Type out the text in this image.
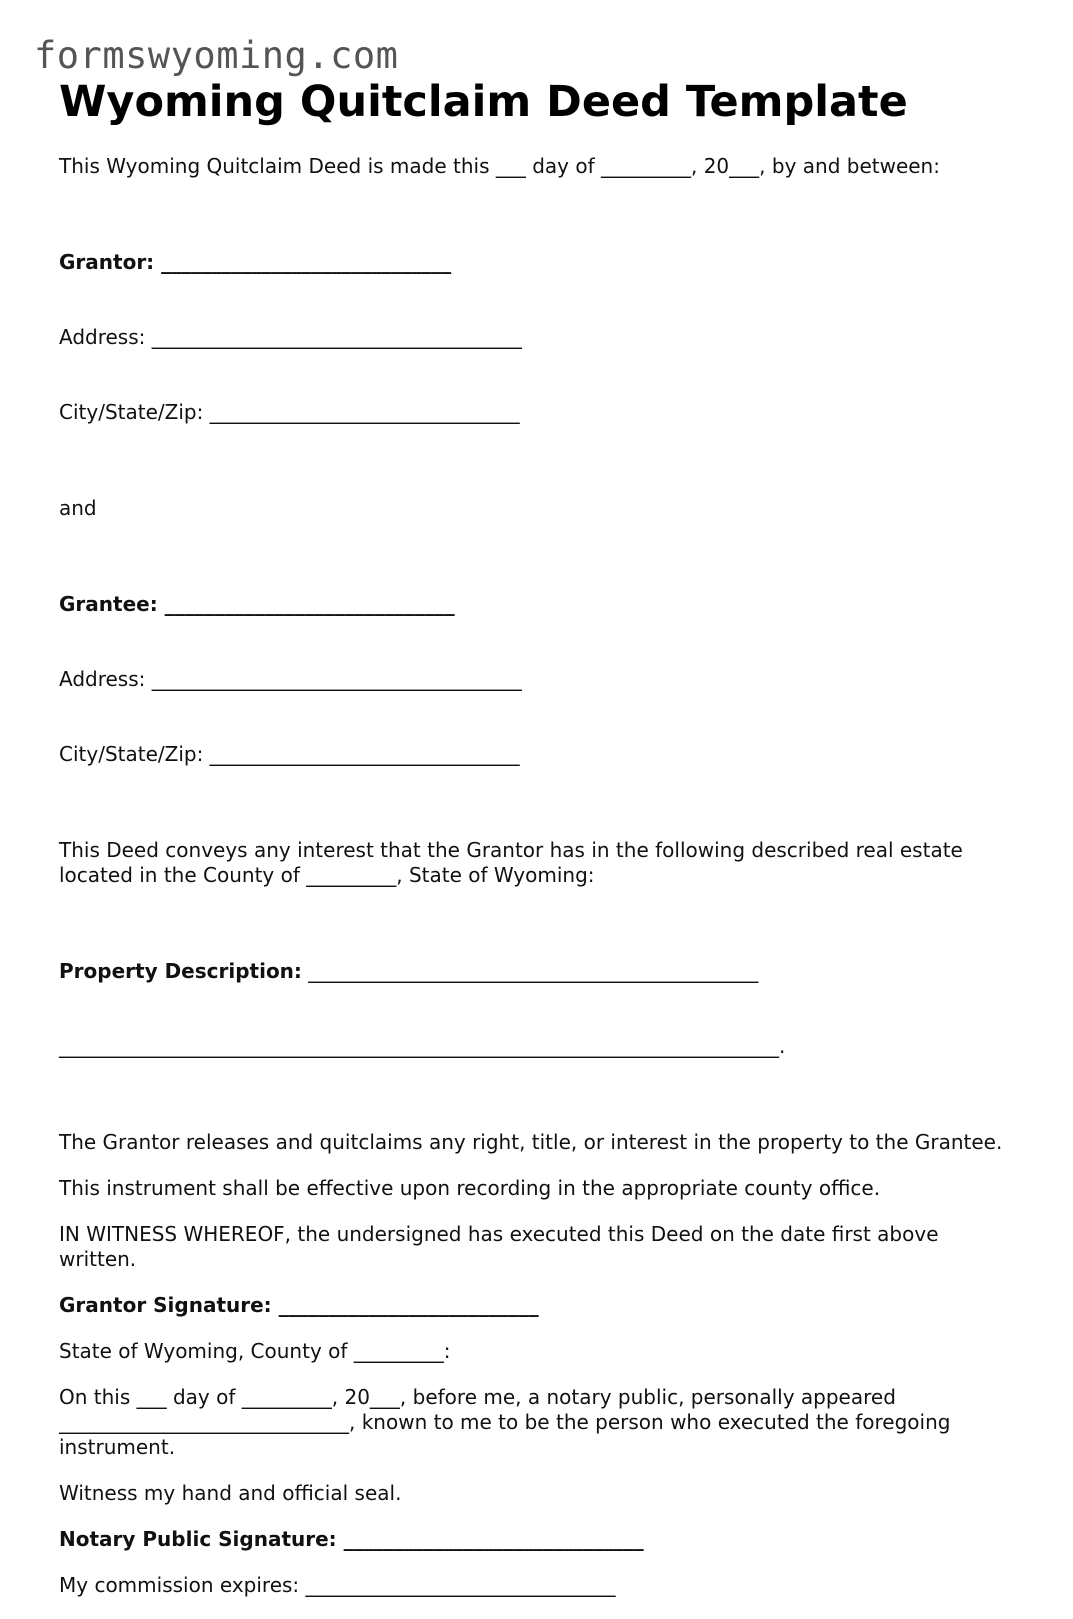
formswyoming.com
Wyoming Quitclaim Deed Template

This Wyoming Quitclaim Deed is made this ___ day of _________, 20___, by and between:

Grantor: _____________________________

Address: _____________________________________

City/State/Zip: _______________________________

and

Grantee: _____________________________

Address: _____________________________________

City/State/Zip: _______________________________

This Deed conveys any interest that the Grantor has in the following described real estate located in the County of _________, State of Wyoming:

Property Description: _____________________________________________

________________________________________________________________________.

The Grantor releases and quitclaims any right, title, or interest in the property to the Grantee.

This instrument shall be effective upon recording in the appropriate county office.

IN WITNESS WHEREOF, the undersigned has executed this Deed on the date first above written.

Grantor Signature: __________________________

State of Wyoming, County of _________:

On this ___ day of _________, 20___, before me, a notary public, personally appeared _____________________________, known to me to be the person who executed the foregoing instrument.

Witness my hand and official seal.

Notary Public Signature: ______________________________

My commission expires: _______________________________
